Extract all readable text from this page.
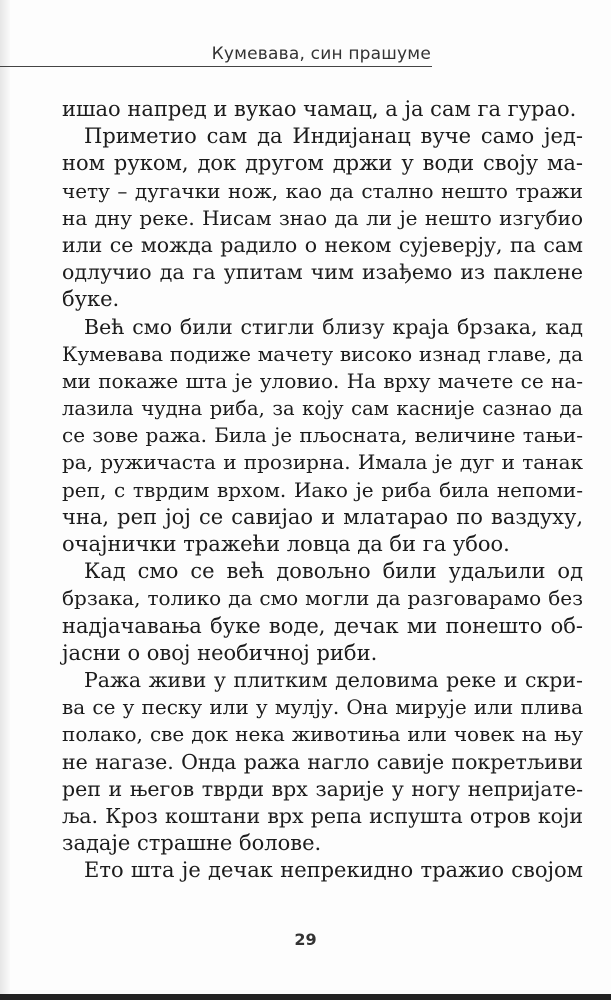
Кумевава, син прашуме
ишао напред и вукао чамац, а ја сам га гурао.
Приметио сам да Индијанац вуче само јед-
ном руком, док другом држи у води своју ма-
чету – дугачки нож, као да стално нешто тражи
на дну реке. Нисам знао да ли је нешто изгубио
или се можда радило о неком сујеверју, па сам
одлучио да га упитам чим изађемо из паклене
буке.
Већ смо били стигли близу краја брзака, кад
Кумевава подиже мачету високо изнад главе, да
ми покаже шта је уловио. На врху мачете се на-
лазила чудна риба, за коју сам касније сазнао да
се зове ража. Била је пљосната, величине тањи-
ра, ружичаста и прозирна. Имала је дуг и танак
реп, с тврдим врхом. Иако је риба била непоми-
чна, реп јој се савијао и млатарао по ваздуху,
очајнички тражећи ловца да би га убоо.
Кад смо се већ довољно били удаљили од
брзака, толико да смо могли да разговарамо без
надјачавања буке воде, дечак ми понешто об-
јасни о овој необичној риби.
Ража живи у плитким деловима реке и скри-
ва се у песку или у мулју. Она мирује или плива
полако, све док нека животиња или човек на њу
не нагазе. Онда ража нагло савије покретљиви
реп и његов тврди врх зарије у ногу непријате-
ља. Кроз коштани врх репа испушта отров који
задаје страшне болове.
Ето шта је дечак непрекидно тражио својом
29
